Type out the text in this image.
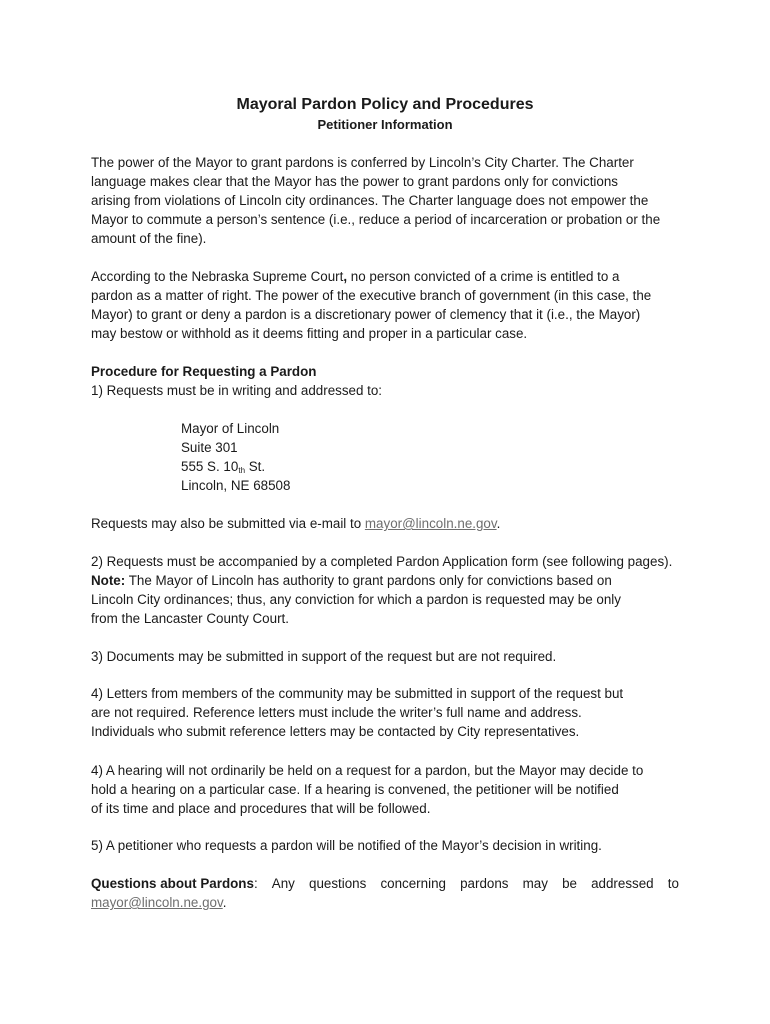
Mayoral Pardon Policy and Procedures
Petitioner Information
The power of the Mayor to grant pardons is conferred by Lincoln’s City Charter. The Charter
language makes clear that the Mayor has the power to grant pardons only for convictions
arising from violations of Lincoln city ordinances. The Charter language does not empower the
Mayor to commute a person’s sentence (i.e., reduce a period of incarceration or probation or the
amount of the fine).
According to the Nebraska Supreme Court, no person convicted of a crime is entitled to a
pardon as a matter of right. The power of the executive branch of government (in this case, the
Mayor) to grant or deny a pardon is a discretionary power of clemency that it (i.e., the Mayor)
may bestow or withhold as it deems fitting and proper in a particular case.
Procedure for Requesting a Pardon
1) Requests must be in writing and addressed to:
Mayor of Lincoln
Suite 301
555 S. 10th St.
Lincoln, NE 68508
Requests may also be submitted via e-mail to mayor@lincoln.ne.gov.
2) Requests must be accompanied by a completed Pardon Application form (see following pages).
Note: The Mayor of Lincoln has authority to grant pardons only for convictions based on
Lincoln City ordinances; thus, any conviction for which a pardon is requested may be only
from the Lancaster County Court.
3) Documents may be submitted in support of the request but are not required.
4) Letters from members of the community may be submitted in support of the request but
are not required. Reference letters must include the writer’s full name and address.
Individuals who submit reference letters may be contacted by City representatives.
4) A hearing will not ordinarily be held on a request for a pardon, but the Mayor may decide to
hold a hearing on a particular case. If a hearing is convened, the petitioner will be notified
of its time and place and procedures that will be followed.
5) A petitioner who requests a pardon will be notified of the Mayor’s decision in writing.
Questions about Pardons: Any questions concerning pardons may be addressed to
mayor@lincoln.ne.gov.
